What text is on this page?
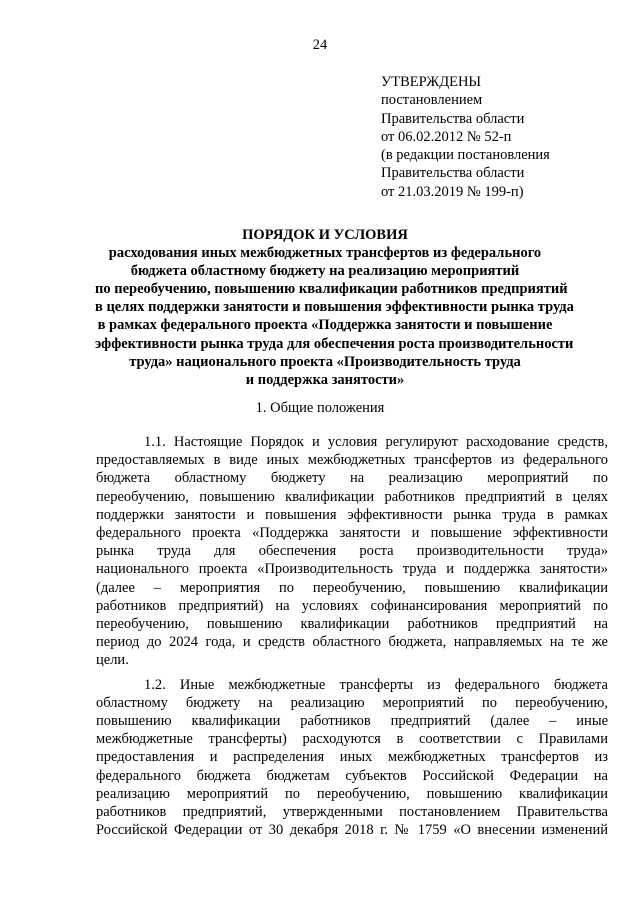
24
УТВЕРЖДЕНЫ
постановлением
Правительства области
от 06.02.2012 № 52-п
(в редакции постановления
Правительства области
от 21.03.2019 № 199-п)
ПОРЯДОК И УСЛОВИЯ
расходования иных межбюджетных трансфертов из федерального
бюджета областному бюджету на реализацию мероприятий
по переобучению, повышению квалификации работников предприятий
в целях поддержки занятости и повышения эффективности рынка труда
в рамках федерального проекта «Поддержка занятости и повышение
эффективности рынка труда для обеспечения роста производительности
труда» национального проекта «Производительность труда
и поддержка занятости»
1. Общие положения

1.1. Настоящие Порядок и условия регулируют расходование средств,
предоставляемых в виде иных межбюджетных трансфертов из федерального
бюджета областному бюджету на реализацию мероприятий по
переобучению, повышению квалификации работников предприятий в целях
поддержки занятости и повышения эффективности рынка труда в рамках
федерального проекта «Поддержка занятости и повышение эффективности
рынка труда для обеспечения роста производительности труда»
национального проекта «Производительность труда и поддержка занятости»
(далее – мероприятия по переобучению, повышению квалификации
работников предприятий) на условиях софинансирования мероприятий по
переобучению, повышению квалификации работников предприятий на
период до 2024 года, и средств областного бюджета, направляемых на те же
цели.

1.2. Иные межбюджетные трансферты из федерального бюджета
областному бюджету на реализацию мероприятий по переобучению,
повышению квалификации работников предприятий (далее – иные
межбюджетные трансферты) расходуются в соответствии с Правилами
предоставления и распределения иных межбюджетных трансфертов из
федерального бюджета бюджетам субъектов Российской Федерации на
реализацию мероприятий по переобучению, повышению квалификации
работников предприятий, утвержденными постановлением Правительства
Российской Федерации от 30 декабря 2018 г. № 1759 «О внесении изменений
